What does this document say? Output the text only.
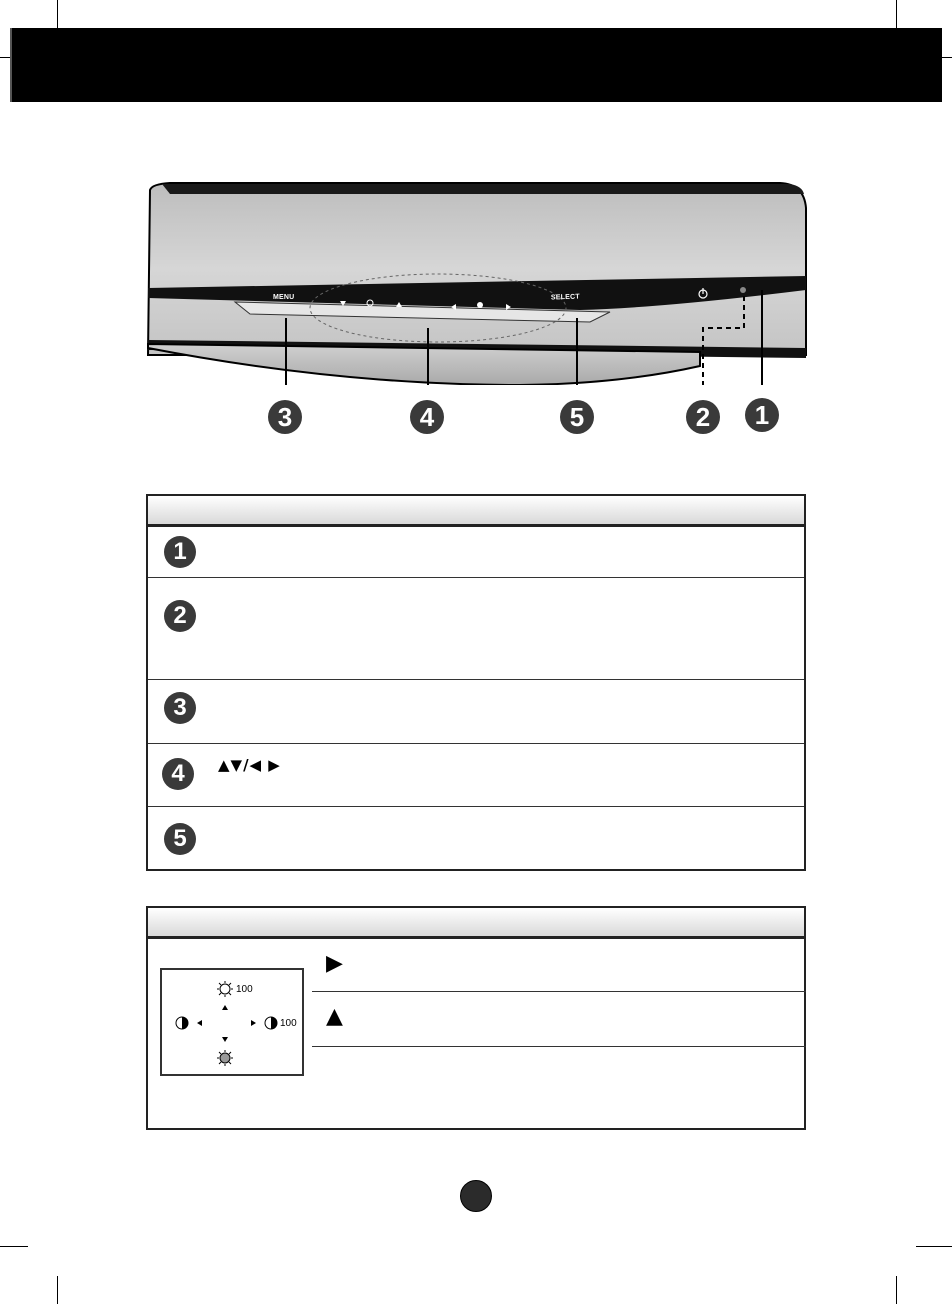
MENU	SELECT
3	4	5	2	1
1
2
3
4	▲▼/◀ ▶
5
100
100
▶
▲
